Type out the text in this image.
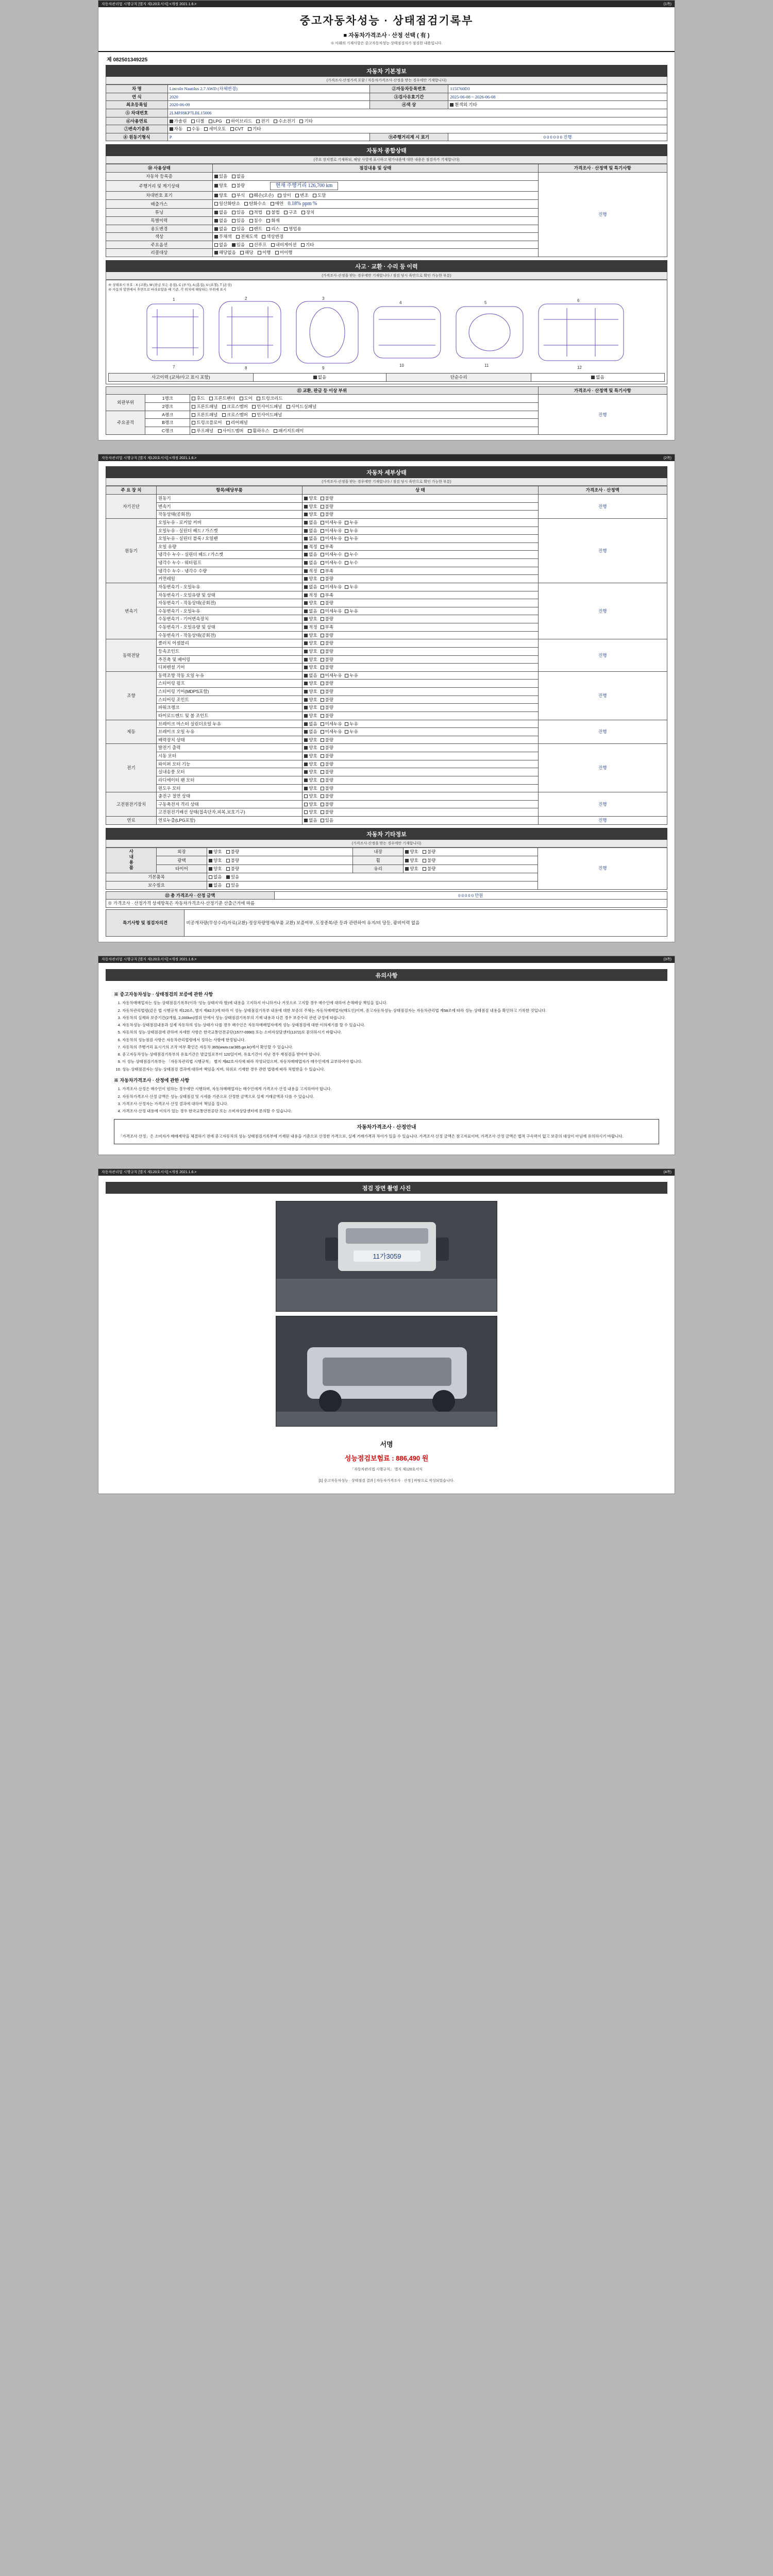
자동차관리법 시행규칙 [별지 제120호서식] <개정 2021.1.6.>	(1쪽)
중고자동차성능 · 상태점검기록부
■ 자동차가격조사 · 산정 선택 ( 有 )
※ 아래의 기재사항은 중고자동차성능·상태점검자가 점검한 내용입니다.
제 082501349225
자동차 기본정보
(가격조사·산정가격 포함 / 자동차가격조사·산정을 받는 경우에만 기재합니다)
차 명	Lincoln Nautilus 2.7 AWD (차체변경)	②자동차등록번호	115I760D3
연 식	2020	③검사유효기간	2025-06-08 ~ 2026-06-08
최초등록일	2020-06-09	④색 상	흰색외 기타
⑤ 차대번호	2LMPJ8KP7LBL15006		
⑥사용연료	가솔린 디젤 LPG 하이브리드 전기 수소전기 기타		
⑦변속기종류	자동 수동 세미오토 CVT 기타		
⑧ 원동기형식	P	⑨주행거리계 시 표기	0 0 0 0 0 0 진행
자동차 종합상태
(주요 장치별로 기재하되, 해당 사항에 표시하고 평가내용에 대한 내용은 점검자가 기재합니다)
⑩ 사용상태	점검내용 및 상태	가격조사 · 산정액 및 특기사항
자동차 등록증	있음 없음	진행
주행거리 및 계기상태	양호 불량 현재 주행거리 126,700 km	
차대번호 표기	양호 부식 훼손(오손) 상이 변조 도말	
배출가스	일산화탄소 탄화수소 매연 0.18% ppm %	
튜닝	없음 있음 적법 불법 구조 장치	
특별이력	없음 있음 침수 화재	
용도변경	없음 있음 렌트 리스 영업용	
색상	무채색 전체도색 색상변경	
주요옵션	없음 있음 선루프 내비게이션 기타	
리콜대상	해당없음 해당 이행 미이행	
사고 · 교환 · 수리 등 이력
(가격조사·산정을 받는 경우에만 기재합니다 / 점검 당시 육안으로 확인 가능한 부분)
※ 상태표시 부호 : X (교환), W (판금 또는 용접), C (부식), A (흠집), U (요철), T (손상)
※ 자동차 앞면에서 후면으로 바라보았을 때 기준, 각 위치에 해당하는 부위에 표시
1	2	3
4	5	6
7	8	9
10	11	12
사고이력 (교차/사고 표시 포함)	없음	단순수리	없음
⑪ 교환, 판금 등 이상 부위			가격조사 · 산정액 및 특기사항
외판부위	1랭크	후드 프론트팬더 도어 트렁크리드	진행
	2랭크	프론트패널 크로스멤버 인사이드패널 사이드실패널	
주요골격	A랭크	프론트패널 크로스멤버 인사이드패널	
	B랭크	트렁크플로어 리어패널	
	C랭크	루프패널 사이드멤버 휠하우스 패키지트레이	
자동차관리법 시행규칙 [별지 제120호서식] <개정 2021.1.6.>	(2쪽)
자동차 세부상태
(가격조사·산정을 받는 경우에만 기재합니다 / 점검 당시 육안으로 확인 가능한 부분)
주 요 장 치	항목/해당부품	상 태	가격조사 · 산정액
자기진단	원동기	양호 불량	진행
	변속기	양호 불량	
	작동상태(공회전)	양호 불량	
원동기	오일누유 - 로커암 커버	없음 미세누유 누유	진행
	오일누유 - 실린더 헤드 / 가스켓	없음 미세누유 누유	
	오일누유 - 실린더 블록 / 오일팬	없음 미세누유 누유	
	오일 유량	적정 부족	
	냉각수 누수 - 실린더 헤드 / 가스켓	없음 미세누수 누수	
	냉각수 누수 - 워터펌프	없음 미세누수 누수	
	냉각수 누수 - 냉각수 수량	적정 부족	
	커먼레일	양호 불량	
변속기	자동변속기 - 오일누유	없음 미세누유 누유	진행
	자동변속기 - 오일유량 및 상태	적정 부족	
	자동변속기 - 작동상태(공회전)	양호 불량	
	수동변속기 - 오일누유	없음 미세누유 누유	
	수동변속기 - 기어변속장치	양호 불량	
	수동변속기 - 오일유량 및 상태	적정 부족	
	수동변속기 - 작동상태(공회전)	양호 불량	
동력전달	클러치 어셈블리	양호 불량	진행
	등속조인트	양호 불량	
	추진축 및 베어링	양호 불량	
	디퍼렌셜 기어	양호 불량	
조향	동력조향 작동 오일 누유	없음 미세누유 누유	진행
	스티어링 펌프	양호 불량	
	스티어링 기어(MDPS포함)	양호 불량	
	스티어링 조인트	양호 불량	
	파워크랭크	양호 불량	
	타이로드엔드 및 볼 조인트	양호 불량	
제동	브레이크 마스터 실린더오일 누유	없음 미세누유 누유	진행
	브레이크 오일 누유	없음 미세누유 누유	
	배력장치 상태	양호 불량	
전기	발전기 출력	양호 불량	진행
	시동 모터	양호 불량	
	와이퍼 모터 기능	양호 불량	
	실내송풍 모터	양호 불량	
	라디에이터 팬 모터	양호 불량	
	윈도우 모터	양호 불량	
고전원전기장치	충전구 절연 상태	양호 불량	진행
	구동축전지 격리 상태	양호 불량	
	고전원전기배선 상태(접속단자,피복,보호기구)	양호 불량	
연료	연료누출(LPG포함)	없음 있음	진행
자동차 기타정보
(가격조사·산정을 받는 경우에만 기재합니다)
사내용품	외장	양호 불량	내장	양호 불량	진행
	광택	양호 불량	휠	양호 불량	
	타이어	양호 불량	유리	양호 불량	
기본품목		없음 있음			
보수필요		없음 있음			
㉒ 총 가격조사 · 산정 금액	0 0 0 0 0 만원
※ 가격조사 · 산정가격 상세항목은 자동차가격조사·산정기준 산출근거에 따름
특기사항 및 점검자의견	비공개차량(무상수리)자료(교환)·정상차량명세(부품 교환) 보증여부, 도장중복/관 등과 관련하여 유지/비 당등, 광비이력 없음
자동차관리법 시행규칙 [별지 제120호서식] <개정 2021.1.6.>	(3쪽)
유의사항
※ 중고자동차성능 · 상태점검의 보증에 관한 사항
1. 자동차매매업자는 성능·상태점검기록부(이하 '성능 상태지'라 함)에 내용을 고지하지 아니하거나 거짓으로 고지할 경우 매수인에 대하여 손해배상 책임을 집니다.
2. 자동차관리법령(같은 법 시행규칙 제120조, 별지 제82조)에 따라 이 성능·상태점검기록부 내용에 대한 보증의 주체는 자동차매매업자(매도인)이며, 중고자동차성능·상태점검자는 자동차관리법 제58조에 따라 성능·상태점검 내용을 확인하고 기록한 것입니다.
3. 자동차의 실제와 보증기간(2개월, 2,000km)범위 안에서 성능·상태점검기록부의 기재 내용과 다른 경우 보증수리 관련 규정에 따릅니다.
4. 자동차성능·상태점검내용과 실제 자동차의 성능·상태가 다를 경우 매수인은 자동차매매업자에게 성능·상태점검에 대한 이의제기를 할 수 있습니다.
5. 자동차의 성능·상태점검에 관하여 자세한 사항은 한국교통안전공단(1577-0990) 또는 소비자상담센터(1372)로 문의하시기 바랍니다.
6. 자동차의 성능점검 사항은 자동차관리법령에서 정하는 사항에 한정됩니다.
7. 자동차의 주행거리 표시기의 조작 여부 확인은 자동차 365(www.car365.go.kr)에서 확인할 수 있습니다.
8. 중고자동차성능·상태점검기록부의 유효기간은 발급일로부터 120일이며, 유효기간이 지난 경우 재점검을 받아야 합니다.
9. 이 성능·상태점검기록부는 「자동차관리법 시행규칙」 별지 제82호서식에 따라 작성되었으며, 자동차매매업자가 매수인에게 교부하여야 합니다.
10. 성능·상태점검자는 성능·상태점검 결과에 대하여 책임을 지며, 허위로 기재한 경우 관련 법령에 따라 처벌받을 수 있습니다.
※ 자동차가격조사 · 산정에 관한 사항
1. 가격조사·산정은 매수인이 원하는 경우에만 시행하며, 자동차매매업자는 매수인에게 가격조사·산정 내용을 고지하여야 합니다.
2. 자동차가격조사·산정 금액은 성능·상태점검 및 시세를 기준으로 산정한 금액으로 실제 거래금액과 다를 수 있습니다.
3. 가격조사·산정자는 가격조사·산정 결과에 대하여 책임을 집니다.
4. 가격조사·산정 내용에 이의가 있는 경우 한국교통안전공단 또는 소비자상담센터에 문의할 수 있습니다.
자동차가격조사 · 산정안내
「가격조사·산정」은 소비자가 매매계약을 체결하기 전에 중고자동차의 성능·상태점검기록부에 기재된 내용을 기준으로 산정한 가격으로, 실제 거래가격과 차이가 있을 수 있습니다. 가격조사·산정 금액은 참고자료이며, 가격조사·산정 금액은 법적 구속력이 없고 보증의 대상이 아님에 유의하시기 바랍니다.
자동차관리법 시행규칙 [별지 제120호서식] <개정 2021.1.6.>	(4쪽)
점검 장면 촬영 사진
11가3059
서명
성능점검보험료 : 886,490 원
「자동차관리법 시행규칙」 별지 제120호서식
[1] 중고자동차성능 · 상태점검 결과 [ 자동차가격조사 · 산정 ] 바탕으로 작성되었습니다.
